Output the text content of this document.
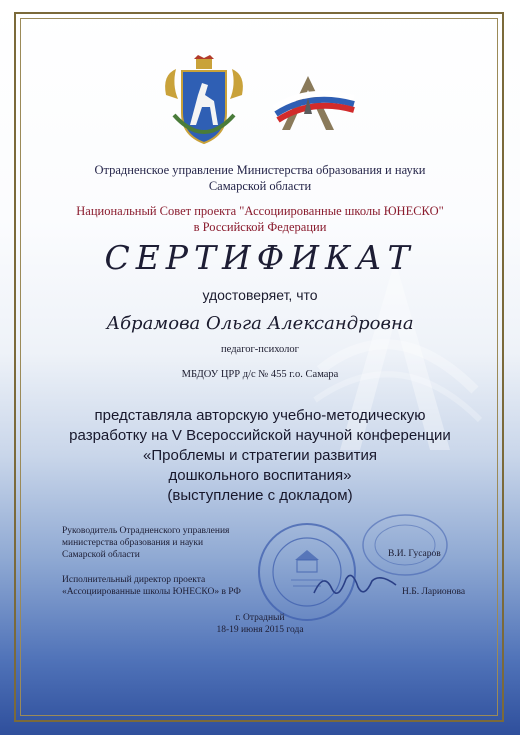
Отрадненское управление Министерства образования и науки
Самарской области
Национальный Совет проекта "Ассоциированные школы ЮНЕСКО"
в Российской Федерации
СЕРТИФИКАТ
удостоверяет, что
Абрамова Ольга Александровна
педагог-психолог
МБДОУ ЦРР д/с № 455 г.о. Самара
представляла авторскую учебно-методическую
разработку на V Всероссийской научной конференции
«Проблемы и стратегии развития
дошкольного воспитания»
(выступление с докладом)
Руководитель Отрадненского управления
министерства образования и науки
Самарской области	В.И. Гусаров
Исполнительный директор проекта
«Ассоциированные школы ЮНЕСКО» в РФ	Н.Б. Ларионова
г. Отрадный
18-19 июня 2015 года
